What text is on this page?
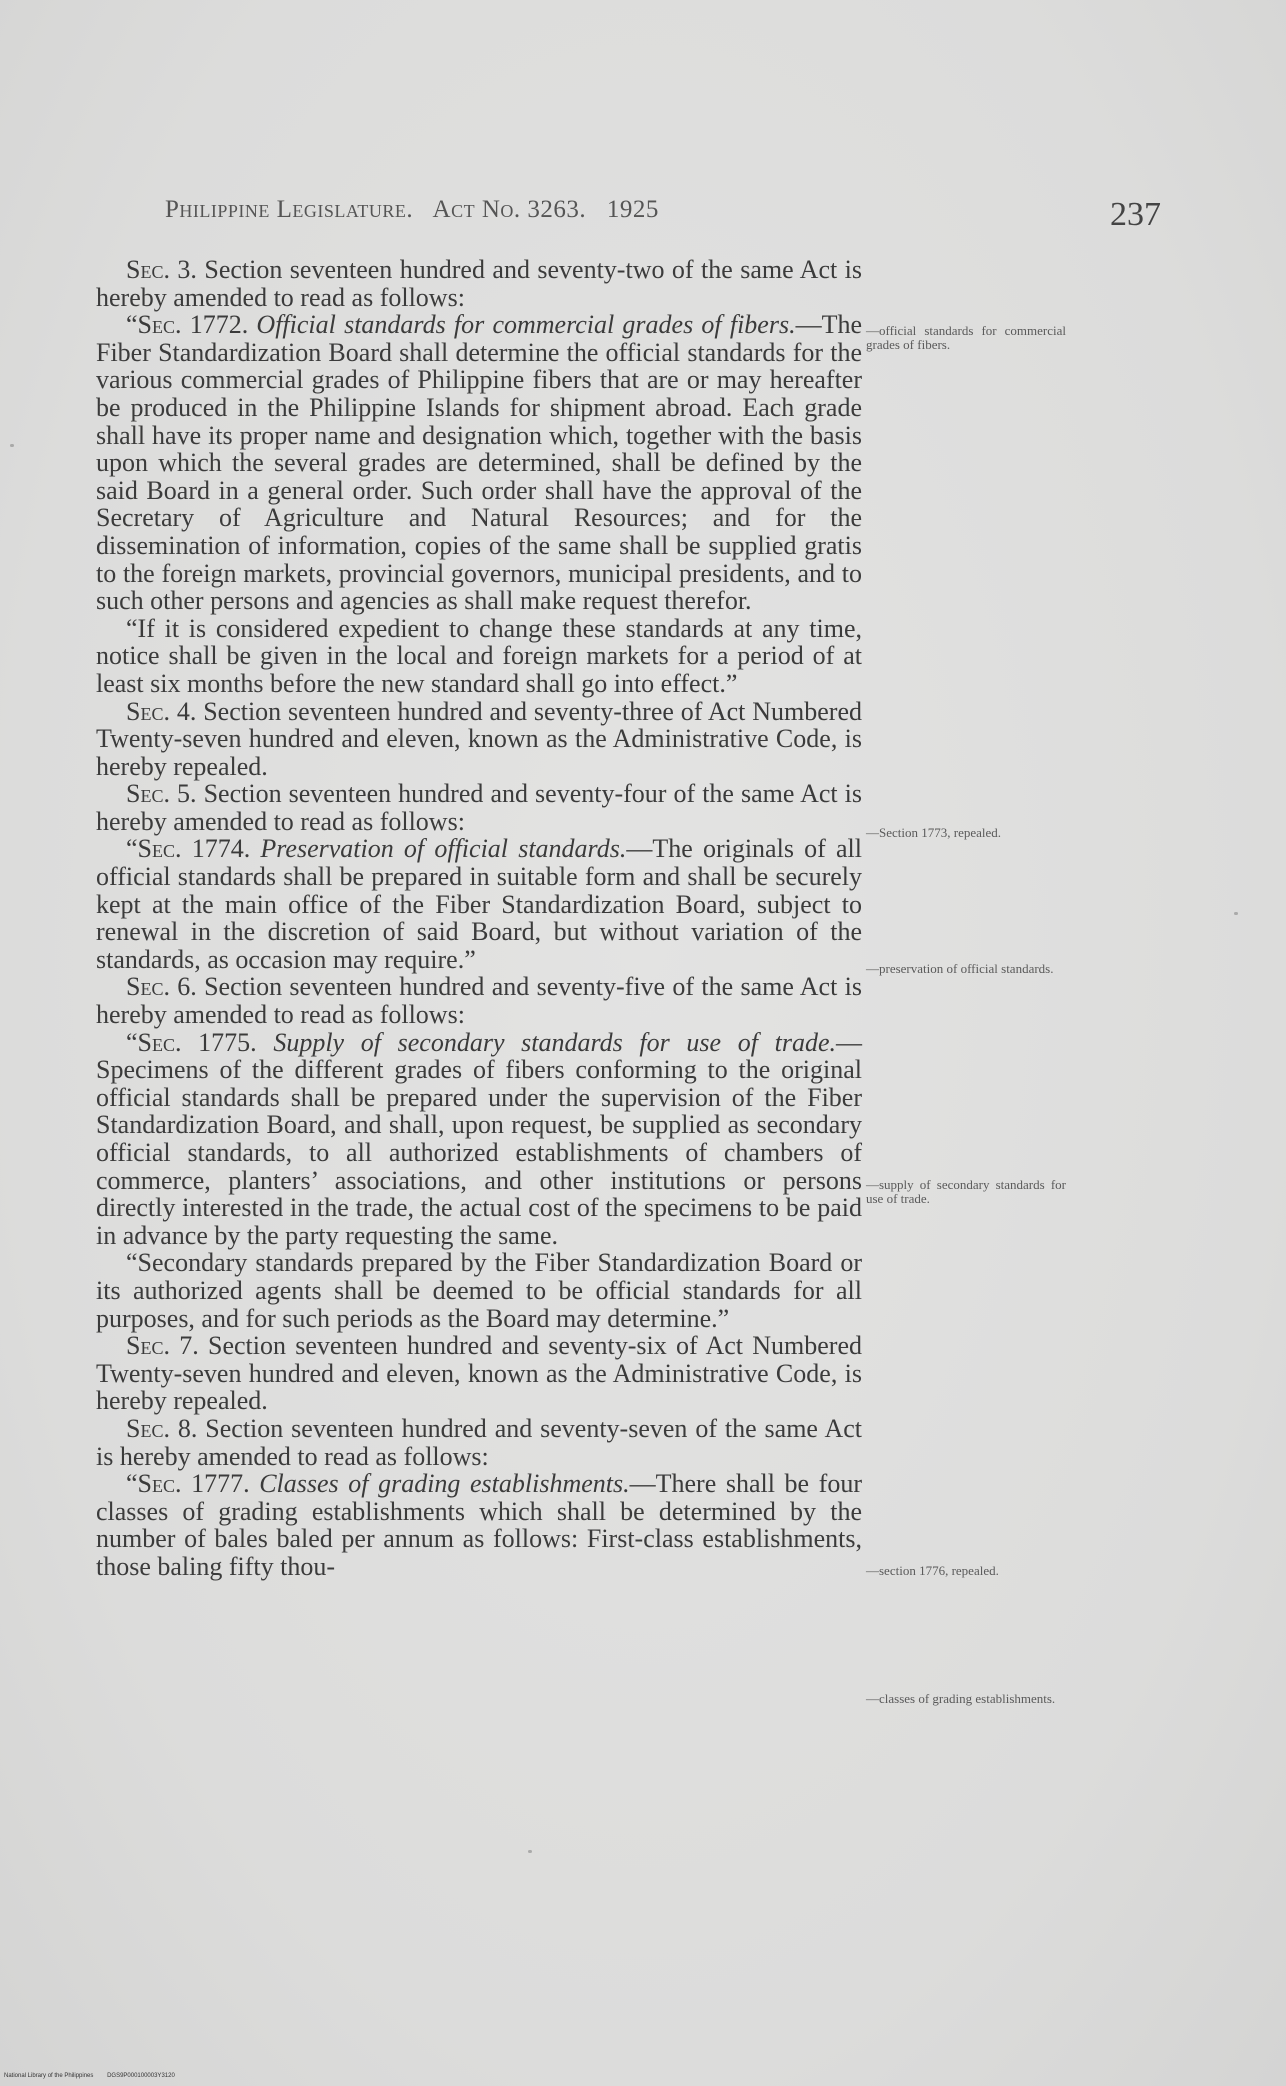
Philippine Legislature. Act No. 3263. 1925	237

Sec. 3. Section seventeen hundred and seventy-two of the same Act is hereby amended to read as follows:

“Sec. 1772. Official standards for commercial grades of fibers.—The Fiber Standardization Board shall determine the official standards for the various commercial grades of Philippine fibers that are or may hereafter be produced in the Philippine Islands for shipment abroad. Each grade shall have its proper name and designation which, together with the basis upon which the several grades are determined, shall be defined by the said Board in a general order. Such order shall have the approval of the Secretary of Agriculture and Natural Resources; and for the dissemination of information, copies of the same shall be supplied gratis to the foreign markets, provincial governors, municipal presidents, and to such other persons and agencies as shall make request therefor.

“If it is considered expedient to change these standards at any time, notice shall be given in the local and foreign markets for a period of at least six months before the new standard shall go into effect.”

Sec. 4. Section seventeen hundred and seventy-three of Act Numbered Twenty-seven hundred and eleven, known as the Administrative Code, is hereby repealed.

Sec. 5. Section seventeen hundred and seventy-four of the same Act is hereby amended to read as follows:

“Sec. 1774. Preservation of official standards.—The originals of all official standards shall be prepared in suitable form and shall be securely kept at the main office of the Fiber Standardization Board, subject to renewal in the discretion of said Board, but without variation of the standards, as occasion may require.”

Sec. 6. Section seventeen hundred and seventy-five of the same Act is hereby amended to read as follows:

“Sec. 1775. Supply of secondary standards for use of trade.—Specimens of the different grades of fibers conforming to the original official standards shall be prepared under the supervision of the Fiber Standardization Board, and shall, upon request, be supplied as secondary official standards, to all authorized establishments of chambers of commerce, planters’ associations, and other institutions or persons directly interested in the trade, the actual cost of the specimens to be paid in advance by the party requesting the same.

“Secondary standards prepared by the Fiber Standardization Board or its authorized agents shall be deemed to be official standards for all purposes, and for such periods as the Board may determine.”

Sec. 7. Section seventeen hundred and seventy-six of Act Numbered Twenty-seven hundred and eleven, known as the Administrative Code, is hereby repealed.

Sec. 8. Section seventeen hundred and seventy-seven of the same Act is hereby amended to read as follows:

“Sec. 1777. Classes of grading establishments.—There shall be four classes of grading establishments which shall be determined by the number of bales baled per annum as follows: First-class establishments, those baling fifty thou-

—official standards for commercial grades of fibers.
—Section 1773, repealed.
—preservation of official standards.
—supply of secondary standards for use of trade.
—section 1776, repealed.
—classes of grading establishments.
National Library of the Philippines DGS9P000100003Y3120
